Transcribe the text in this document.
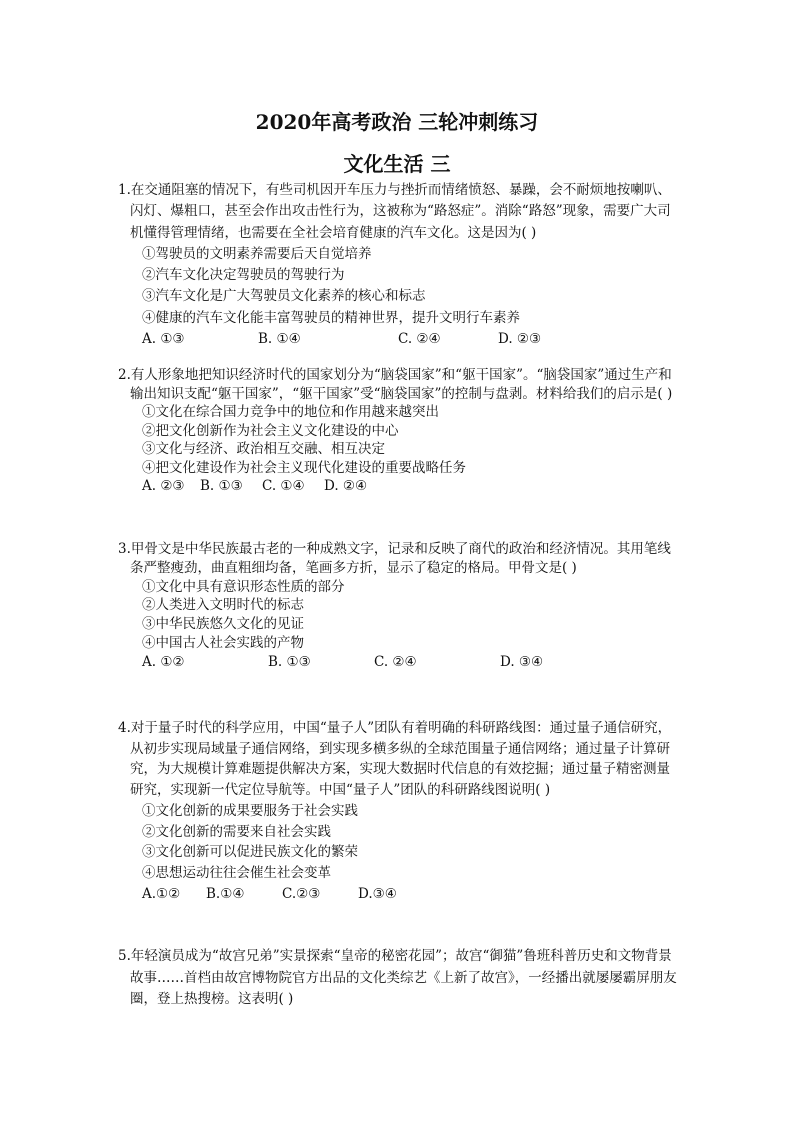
2020年高考政治 三轮冲刺练习
文化生活 三

1.在交通阻塞的情况下，有些司机因开车压力与挫折而情绪愤怒、暴躁，会不耐烦地按喇叭、闪灯、爆粗口，甚至会作出攻击性行为，这被称为“路怒症”。消除“路怒”现象，需要广大司机懂得管理情绪，也需要在全社会培育健康的汽车文化。这是因为( )

①驾驶员的文明素养需要后天自觉培养

②汽车文化决定驾驶员的驾驶行为

③汽车文化是广大驾驶员文化素养的核心和标志

④健康的汽车文化能丰富驾驶员的精神世界，提升文明行车素养

A. ①③	B. ①④	C. ②④	D. ②③

2.有人形象地把知识经济时代的国家划分为“脑袋国家”和“躯干国家”。“脑袋国家”通过生产和输出知识支配“躯干国家”，“躯干国家”受“脑袋国家”的控制与盘剥。材料给我们的启示是( )

①文化在综合国力竞争中的地位和作用越来越突出

②把文化创新作为社会主义文化建设的中心

③文化与经济、政治相互交融、相互决定

④把文化建设作为社会主义现代化建设的重要战略任务

A. ②③	B. ①③	C. ①④	D. ②④

3.甲骨文是中华民族最古老的一种成熟文字，记录和反映了商代的政治和经济情况。其用笔线条严整瘦劲，曲直粗细均备，笔画多方折，显示了稳定的格局。甲骨文是( )

①文化中具有意识形态性质的部分

②人类进入文明时代的标志

③中华民族悠久文化的见证

④中国古人社会实践的产物

A. ①②	B. ①③	C. ②④	D. ③④

4.对于量子时代的科学应用，中国“量子人”团队有着明确的科研路线图：通过量子通信研究，从初步实现局域量子通信网络，到实现多横多纵的全球范围量子通信网络；通过量子计算研究，为大规模计算难题提供解决方案，实现大数据时代信息的有效挖掘；通过量子精密测量研究，实现新一代定位导航等。中国“量子人”团队的科研路线图说明( )

①文化创新的成果要服务于社会实践

②文化创新的需要来自社会实践

③文化创新可以促进民族文化的繁荣

④思想运动往往会催生社会变革

A.①②	B.①④	C.②③	D.③④

5.年轻演员成为“故宫兄弟”实景探索“皇帝的秘密花园”；故宫“御猫”鲁班科普历史和文物背景故事……首档由故宫博物院官方出品的文化类综艺《上新了故宫》，一经播出就屡屡霸屏朋友圈，登上热搜榜。这表明( )
